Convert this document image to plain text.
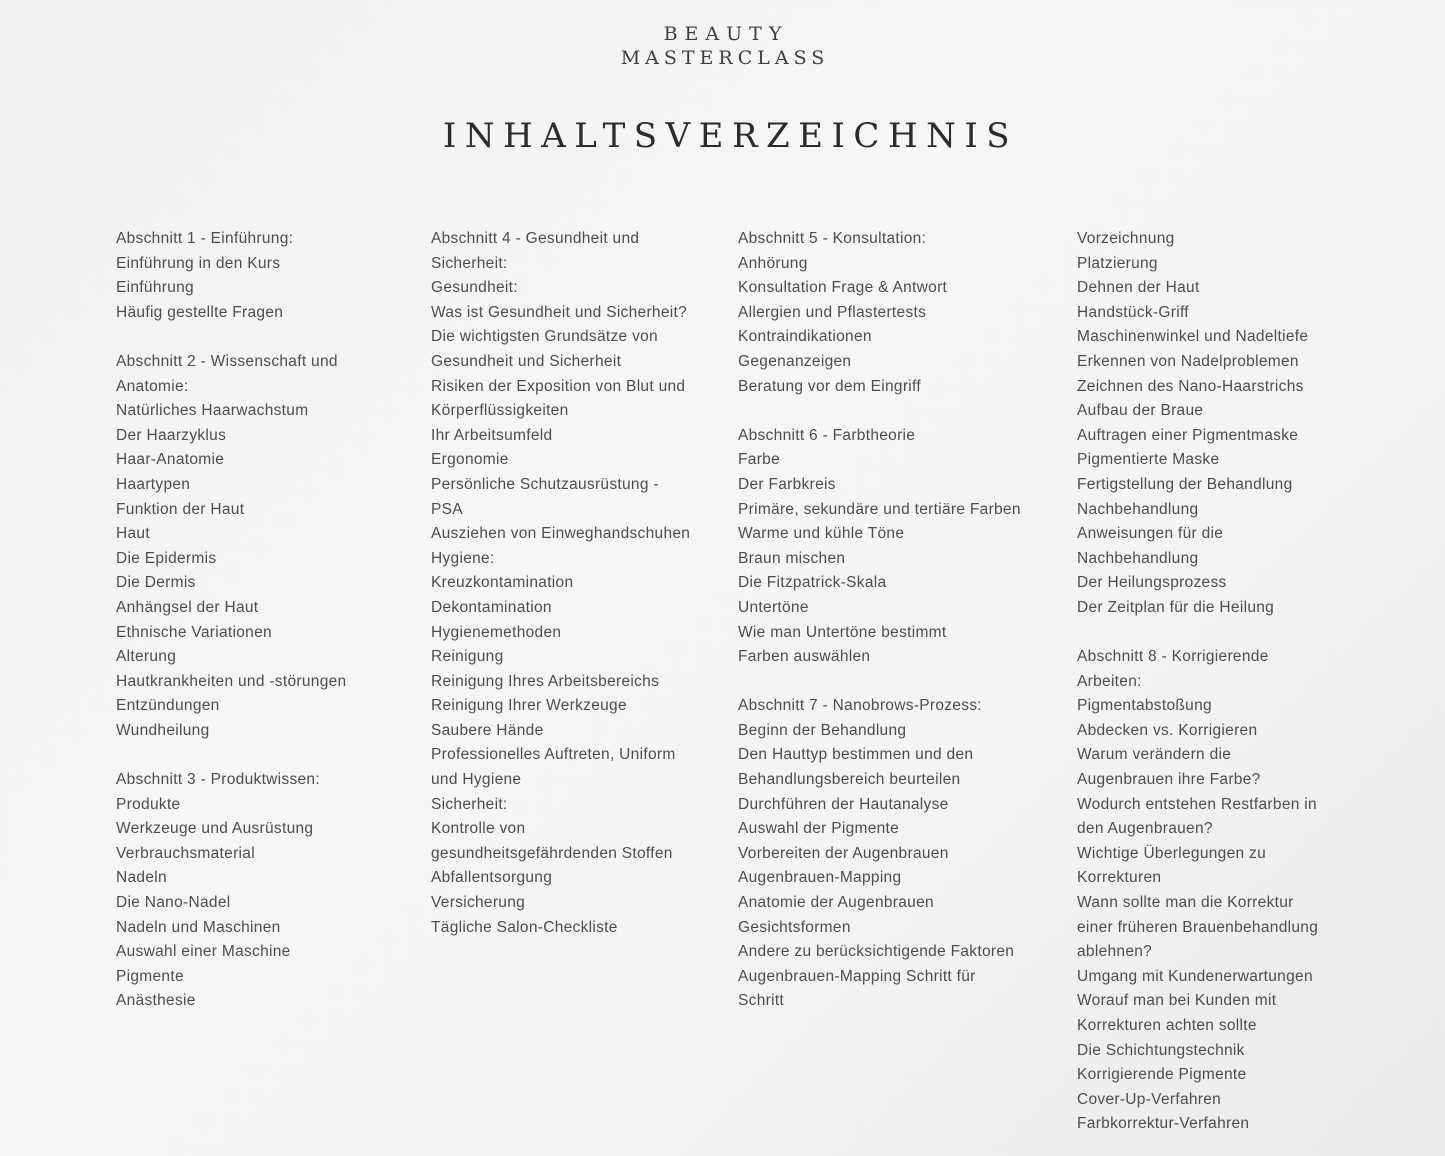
BEAUTY
MASTERCLASS
INHALTSVERZEICHNIS
Abschnitt 1 - Einführung:
Einführung in den Kurs
Einführung
Häufig gestellte Fragen
Abschnitt 2 - Wissenschaft und
Anatomie:
Natürliches Haarwachstum
Der Haarzyklus
Haar-Anatomie
Haartypen
Funktion der Haut
Haut
Die Epidermis
Die Dermis
Anhängsel der Haut
Ethnische Variationen
Alterung
Hautkrankheiten und -störungen
Entzündungen
Wundheilung
Abschnitt 3 - Produktwissen:
Produkte
Werkzeuge und Ausrüstung
Verbrauchsmaterial
Nadeln
Die Nano-Nadel
Nadeln und Maschinen
Auswahl einer Maschine
Pigmente
Anästhesie
Abschnitt 4 - Gesundheit und
Sicherheit:
Gesundheit:
Was ist Gesundheit und Sicherheit?
Die wichtigsten Grundsätze von
Gesundheit und Sicherheit
Risiken der Exposition von Blut und
Körperflüssigkeiten
Ihr Arbeitsumfeld
Ergonomie
Persönliche Schutzausrüstung -
PSA
Ausziehen von Einweghandschuhen
Hygiene:
Kreuzkontamination
Dekontamination
Hygienemethoden
Reinigung
Reinigung Ihres Arbeitsbereichs
Reinigung Ihrer Werkzeuge
Saubere Hände
Professionelles Auftreten, Uniform
und Hygiene
Sicherheit:
Kontrolle von
gesundheitsgefährdenden Stoffen
Abfallentsorgung
Versicherung
Tägliche Salon-Checkliste
Abschnitt 5 - Konsultation:
Anhörung
Konsultation Frage & Antwort
Allergien und Pflastertests
Kontraindikationen
Gegenanzeigen
Beratung vor dem Eingriff
Abschnitt 6 - Farbtheorie
Farbe
Der Farbkreis
Primäre, sekundäre und tertiäre Farben
Warme und kühle Töne
Braun mischen
Die Fitzpatrick-Skala
Untertöne
Wie man Untertöne bestimmt
Farben auswählen
Abschnitt 7 - Nanobrows-Prozess:
Beginn der Behandlung
Den Hauttyp bestimmen und den
Behandlungsbereich beurteilen
Durchführen der Hautanalyse
Auswahl der Pigmente
Vorbereiten der Augenbrauen
Augenbrauen-Mapping
Anatomie der Augenbrauen
Gesichtsformen
Andere zu berücksichtigende Faktoren
Augenbrauen-Mapping Schritt für
Schritt
Vorzeichnung
Platzierung
Dehnen der Haut
Handstück-Griff
Maschinenwinkel und Nadeltiefe
Erkennen von Nadelproblemen
Zeichnen des Nano-Haarstrichs
Aufbau der Braue
Auftragen einer Pigmentmaske
Pigmentierte Maske
Fertigstellung der Behandlung
Nachbehandlung
Anweisungen für die
Nachbehandlung
Der Heilungsprozess
Der Zeitplan für die Heilung
Abschnitt 8 - Korrigierende
Arbeiten:
Pigmentabstoßung
Abdecken vs. Korrigieren
Warum verändern die
Augenbrauen ihre Farbe?
Wodurch entstehen Restfarben in
den Augenbrauen?
Wichtige Überlegungen zu
Korrekturen
Wann sollte man die Korrektur
einer früheren Brauenbehandlung
ablehnen?
Umgang mit Kundenerwartungen
Worauf man bei Kunden mit
Korrekturen achten sollte
Die Schichtungstechnik
Korrigierende Pigmente
Cover-Up-Verfahren
Farbkorrektur-Verfahren
